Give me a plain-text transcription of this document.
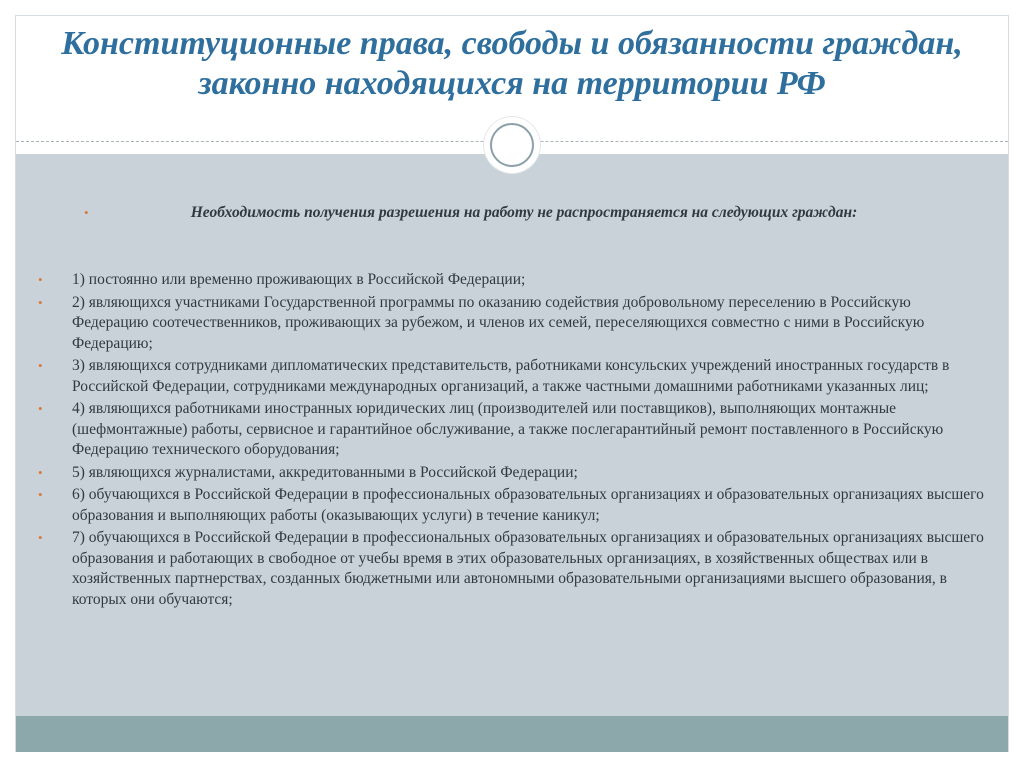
Конституционные права, свободы и обязанности граждан, законно находящихся на территории РФ
•	Необходимость получения разрешения на работу не распространяется на следующих граждан:

• 1) постоянно или временно проживающих в Российской Федерации;
• 2) являющихся участниками Государственной программы по оказанию содействия добровольному переселению в Российскую Федерацию соотечественников, проживающих за рубежом, и членов их семей, переселяющихся совместно с ними в Российскую Федерацию;
• 3) являющихся сотрудниками дипломатических представительств, работниками консульских учреждений иностранных государств в Российской Федерации, сотрудниками международных организаций, а также частными домашними работниками указанных лиц;
• 4) являющихся работниками иностранных юридических лиц (производителей или поставщиков), выполняющих монтажные (шефмонтажные) работы, сервисное и гарантийное обслуживание, а также послегарантийный ремонт поставленного в Российскую Федерацию технического оборудования;
• 5) являющихся журналистами, аккредитованными в Российской Федерации;
• 6) обучающихся в Российской Федерации в профессиональных образовательных организациях и образовательных организациях высшего образования и выполняющих работы (оказывающих услуги) в течение каникул;
• 7) обучающихся в Российской Федерации в профессиональных образовательных организациях и образовательных организациях высшего образования и работающих в свободное от учебы время в этих образовательных организациях, в хозяйственных обществах или в хозяйственных партнерствах, созданных бюджетными или автономными образовательными организациями высшего образования, в которых они обучаются;
